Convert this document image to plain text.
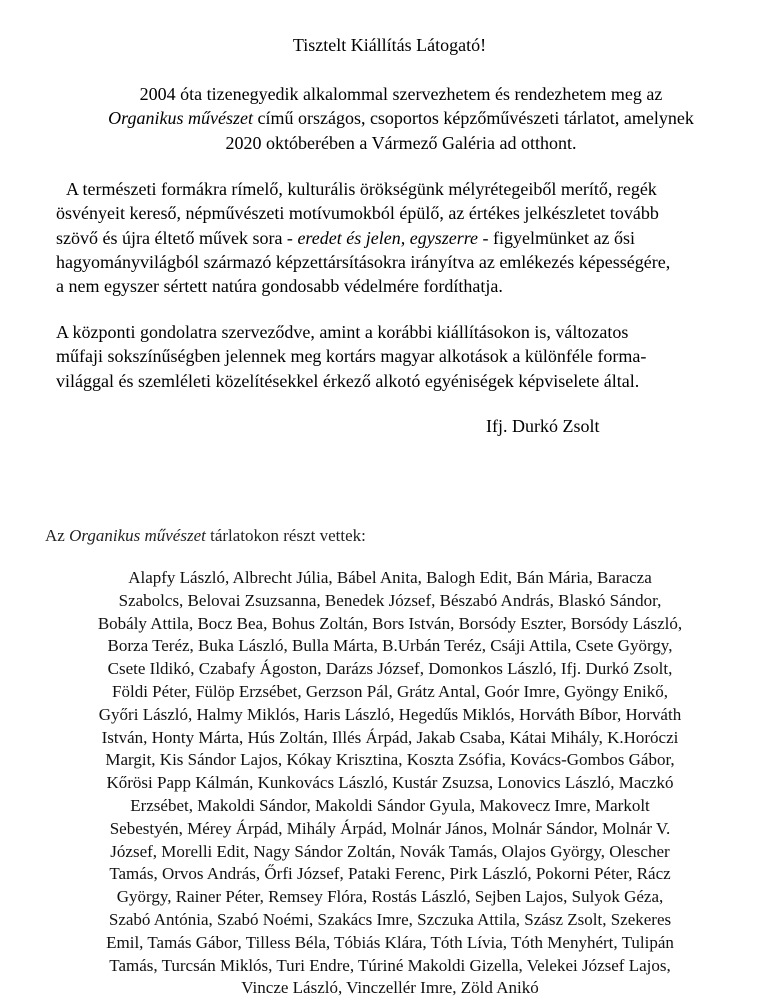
Tisztelt Kiállítás Látogató!

2004 óta tizenegyedik alkalommal szervezhetem és rendezhetem meg az
Organikus művészet című országos, csoportos képzőművészeti tárlatot, amelynek
2020 októberében a Vármező Galéria ad otthont.

A természeti formákra rímelő, kulturális örökségünk mélyrétegeiből merítő, regék
ösvényeit kereső, népművészeti motívumokból épülő, az értékes jelkészletet tovább
szövő és újra éltető művek sora - eredet és jelen, egyszerre - figyelmünket az ősi
hagyományvilágból származó képzettársításokra irányítva az emlékezés képességére,
a nem egyszer sértett natúra gondosabb védelmére fordíthatja.

A központi gondolatra szerveződve, amint a korábbi kiállításokon is, változatos
műfaji sokszínűségben jelennek meg kortárs magyar alkotások a különféle forma-
világgal és szemléleti közelítésekkel érkező alkotó egyéniségek képviselete által.

Ifj. Durkó Zsolt

Az Organikus művészet tárlatokon részt vettek:

Alapfy László, Albrecht Júlia, Bábel Anita, Balogh Edit, Bán Mária, Baracza
Szabolcs, Belovai Zsuzsanna, Benedek József, Bészabó András, Blaskó Sándor,
Bobály Attila, Bocz Bea, Bohus Zoltán, Bors István, Borsódy Eszter, Borsódy László,
Borza Teréz, Buka László, Bulla Márta, B.Urbán Teréz, Csáji Attila, Csete György,
Csete Ildikó, Czabafy Ágoston, Darázs József, Domonkos László, Ifj. Durkó Zsolt,
Földi Péter, Fülöp Erzsébet, Gerzson Pál, Grátz Antal, Goór Imre, Gyöngy Enikő,
Győri László, Halmy Miklós, Haris László, Hegedűs Miklós, Horváth Bíbor, Horváth
István, Honty Márta, Hús Zoltán, Illés Árpád, Jakab Csaba, Kátai Mihály, K.Horóczi
Margit, Kis Sándor Lajos, Kókay Krisztina, Koszta Zsófia, Kovács-Gombos Gábor,
Kőrösi Papp Kálmán, Kunkovács László, Kustár Zsuzsa, Lonovics László, Maczkó
Erzsébet, Makoldi Sándor, Makoldi Sándor Gyula, Makovecz Imre, Markolt
Sebestyén, Mérey Árpád, Mihály Árpád, Molnár János, Molnár Sándor, Molnár V.
József, Morelli Edit, Nagy Sándor Zoltán, Novák Tamás, Olajos György, Olescher
Tamás, Orvos András, Őrfi József, Pataki Ferenc, Pirk László, Pokorni Péter, Rácz
György, Rainer Péter, Remsey Flóra, Rostás László, Sejben Lajos, Sulyok Géza,
Szabó Antónia, Szabó Noémi, Szakács Imre, Szczuka Attila, Szász Zsolt, Szekeres
Emil, Tamás Gábor, Tilless Béla, Tóbiás Klára, Tóth Lívia, Tóth Menyhért, Tulipán
Tamás, Turcsán Miklós, Turi Endre, Túriné Makoldi Gizella, Velekei József Lajos,
Vincze László, Vinczellér Imre, Zöld Anikó
